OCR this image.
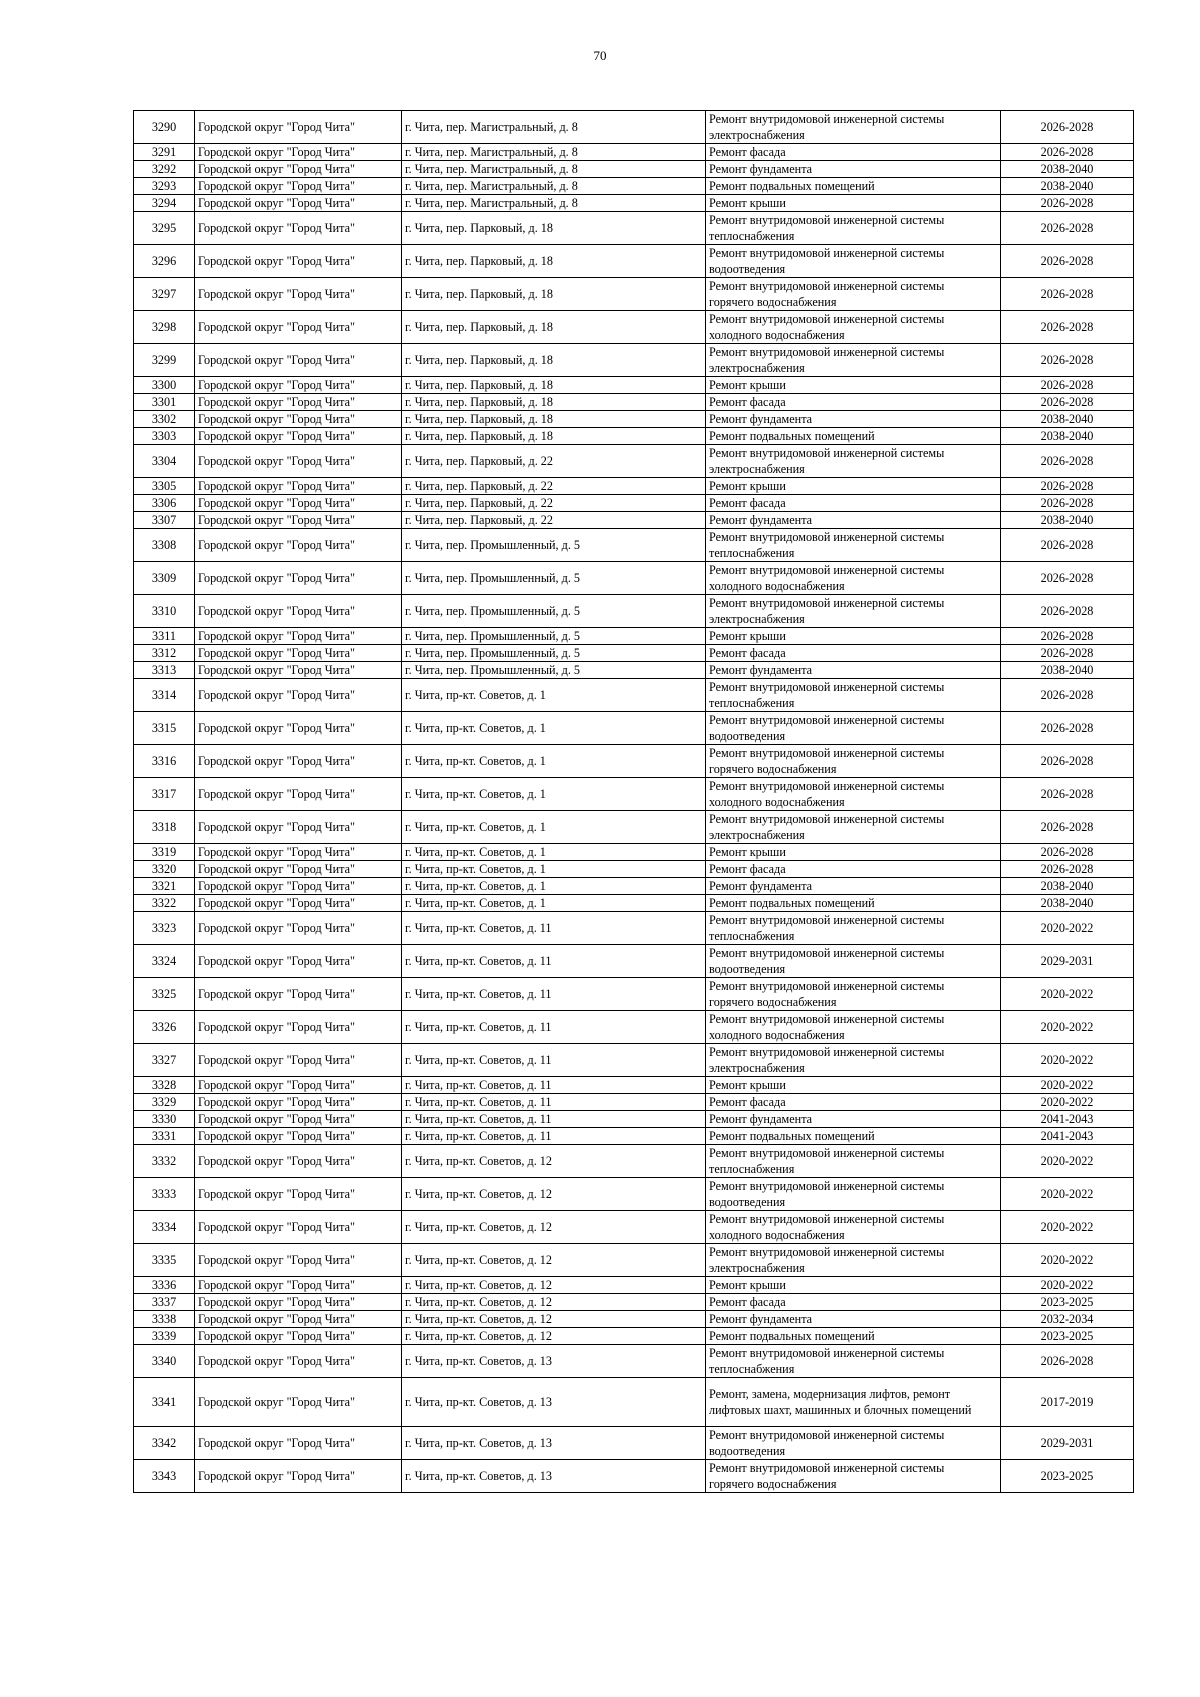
70
3290	Городской округ "Город Чита"	г. Чита, пер. Магистральный, д. 8	Ремонт внутридомовой инженерной системы
электроснабжения	2026-2028
3291	Городской округ "Город Чита"	г. Чита, пер. Магистральный, д. 8	Ремонт фасада	2026-2028
3292	Городской округ "Город Чита"	г. Чита, пер. Магистральный, д. 8	Ремонт фундамента	2038-2040
3293	Городской округ "Город Чита"	г. Чита, пер. Магистральный, д. 8	Ремонт подвальных помещений	2038-2040
3294	Городской округ "Город Чита"	г. Чита, пер. Магистральный, д. 8	Ремонт крыши	2026-2028
3295	Городской округ "Город Чита"	г. Чита, пер. Парковый, д. 18	Ремонт внутридомовой инженерной системы
теплоснабжения	2026-2028
3296	Городской округ "Город Чита"	г. Чита, пер. Парковый, д. 18	Ремонт внутридомовой инженерной системы
водоотведения	2026-2028
3297	Городской округ "Город Чита"	г. Чита, пер. Парковый, д. 18	Ремонт внутридомовой инженерной системы
горячего водоснабжения	2026-2028
3298	Городской округ "Город Чита"	г. Чита, пер. Парковый, д. 18	Ремонт внутридомовой инженерной системы
холодного водоснабжения	2026-2028
3299	Городской округ "Город Чита"	г. Чита, пер. Парковый, д. 18	Ремонт внутридомовой инженерной системы
электроснабжения	2026-2028
3300	Городской округ "Город Чита"	г. Чита, пер. Парковый, д. 18	Ремонт крыши	2026-2028
3301	Городской округ "Город Чита"	г. Чита, пер. Парковый, д. 18	Ремонт фасада	2026-2028
3302	Городской округ "Город Чита"	г. Чита, пер. Парковый, д. 18	Ремонт фундамента	2038-2040
3303	Городской округ "Город Чита"	г. Чита, пер. Парковый, д. 18	Ремонт подвальных помещений	2038-2040
3304	Городской округ "Город Чита"	г. Чита, пер. Парковый, д. 22	Ремонт внутридомовой инженерной системы
электроснабжения	2026-2028
3305	Городской округ "Город Чита"	г. Чита, пер. Парковый, д. 22	Ремонт крыши	2026-2028
3306	Городской округ "Город Чита"	г. Чита, пер. Парковый, д. 22	Ремонт фасада	2026-2028
3307	Городской округ "Город Чита"	г. Чита, пер. Парковый, д. 22	Ремонт фундамента	2038-2040
3308	Городской округ "Город Чита"	г. Чита, пер. Промышленный, д. 5	Ремонт внутридомовой инженерной системы
теплоснабжения	2026-2028
3309	Городской округ "Город Чита"	г. Чита, пер. Промышленный, д. 5	Ремонт внутридомовой инженерной системы
холодного водоснабжения	2026-2028
3310	Городской округ "Город Чита"	г. Чита, пер. Промышленный, д. 5	Ремонт внутридомовой инженерной системы
электроснабжения	2026-2028
3311	Городской округ "Город Чита"	г. Чита, пер. Промышленный, д. 5	Ремонт крыши	2026-2028
3312	Городской округ "Город Чита"	г. Чита, пер. Промышленный, д. 5	Ремонт фасада	2026-2028
3313	Городской округ "Город Чита"	г. Чита, пер. Промышленный, д. 5	Ремонт фундамента	2038-2040
3314	Городской округ "Город Чита"	г. Чита, пр-кт. Советов, д. 1	Ремонт внутридомовой инженерной системы
теплоснабжения	2026-2028
3315	Городской округ "Город Чита"	г. Чита, пр-кт. Советов, д. 1	Ремонт внутридомовой инженерной системы
водоотведения	2026-2028
3316	Городской округ "Город Чита"	г. Чита, пр-кт. Советов, д. 1	Ремонт внутридомовой инженерной системы
горячего водоснабжения	2026-2028
3317	Городской округ "Город Чита"	г. Чита, пр-кт. Советов, д. 1	Ремонт внутридомовой инженерной системы
холодного водоснабжения	2026-2028
3318	Городской округ "Город Чита"	г. Чита, пр-кт. Советов, д. 1	Ремонт внутридомовой инженерной системы
электроснабжения	2026-2028
3319	Городской округ "Город Чита"	г. Чита, пр-кт. Советов, д. 1	Ремонт крыши	2026-2028
3320	Городской округ "Город Чита"	г. Чита, пр-кт. Советов, д. 1	Ремонт фасада	2026-2028
3321	Городской округ "Город Чита"	г. Чита, пр-кт. Советов, д. 1	Ремонт фундамента	2038-2040
3322	Городской округ "Город Чита"	г. Чита, пр-кт. Советов, д. 1	Ремонт подвальных помещений	2038-2040
3323	Городской округ "Город Чита"	г. Чита, пр-кт. Советов, д. 11	Ремонт внутридомовой инженерной системы
теплоснабжения	2020-2022
3324	Городской округ "Город Чита"	г. Чита, пр-кт. Советов, д. 11	Ремонт внутридомовой инженерной системы
водоотведения	2029-2031
3325	Городской округ "Город Чита"	г. Чита, пр-кт. Советов, д. 11	Ремонт внутридомовой инженерной системы
горячего водоснабжения	2020-2022
3326	Городской округ "Город Чита"	г. Чита, пр-кт. Советов, д. 11	Ремонт внутридомовой инженерной системы
холодного водоснабжения	2020-2022
3327	Городской округ "Город Чита"	г. Чита, пр-кт. Советов, д. 11	Ремонт внутридомовой инженерной системы
электроснабжения	2020-2022
3328	Городской округ "Город Чита"	г. Чита, пр-кт. Советов, д. 11	Ремонт крыши	2020-2022
3329	Городской округ "Город Чита"	г. Чита, пр-кт. Советов, д. 11	Ремонт фасада	2020-2022
3330	Городской округ "Город Чита"	г. Чита, пр-кт. Советов, д. 11	Ремонт фундамента	2041-2043
3331	Городской округ "Город Чита"	г. Чита, пр-кт. Советов, д. 11	Ремонт подвальных помещений	2041-2043
3332	Городской округ "Город Чита"	г. Чита, пр-кт. Советов, д. 12	Ремонт внутридомовой инженерной системы
теплоснабжения	2020-2022
3333	Городской округ "Город Чита"	г. Чита, пр-кт. Советов, д. 12	Ремонт внутридомовой инженерной системы
водоотведения	2020-2022
3334	Городской округ "Город Чита"	г. Чита, пр-кт. Советов, д. 12	Ремонт внутридомовой инженерной системы
холодного водоснабжения	2020-2022
3335	Городской округ "Город Чита"	г. Чита, пр-кт. Советов, д. 12	Ремонт внутридомовой инженерной системы
электроснабжения	2020-2022
3336	Городской округ "Город Чита"	г. Чита, пр-кт. Советов, д. 12	Ремонт крыши	2020-2022
3337	Городской округ "Город Чита"	г. Чита, пр-кт. Советов, д. 12	Ремонт фасада	2023-2025
3338	Городской округ "Город Чита"	г. Чита, пр-кт. Советов, д. 12	Ремонт фундамента	2032-2034
3339	Городской округ "Город Чита"	г. Чита, пр-кт. Советов, д. 12	Ремонт подвальных помещений	2023-2025
3340	Городской округ "Город Чита"	г. Чита, пр-кт. Советов, д. 13	Ремонт внутридомовой инженерной системы
теплоснабжения	2026-2028
3341	Городской округ "Город Чита"	г. Чита, пр-кт. Советов, д. 13	Ремонт, замена, модернизация лифтов, ремонт
лифтовых шахт, машинных и блочных помещений	2017-2019
3342	Городской округ "Город Чита"	г. Чита, пр-кт. Советов, д. 13	Ремонт внутридомовой инженерной системы
водоотведения	2029-2031
3343	Городской округ "Город Чита"	г. Чита, пр-кт. Советов, д. 13	Ремонт внутридомовой инженерной системы
горячего водоснабжения	2023-2025
